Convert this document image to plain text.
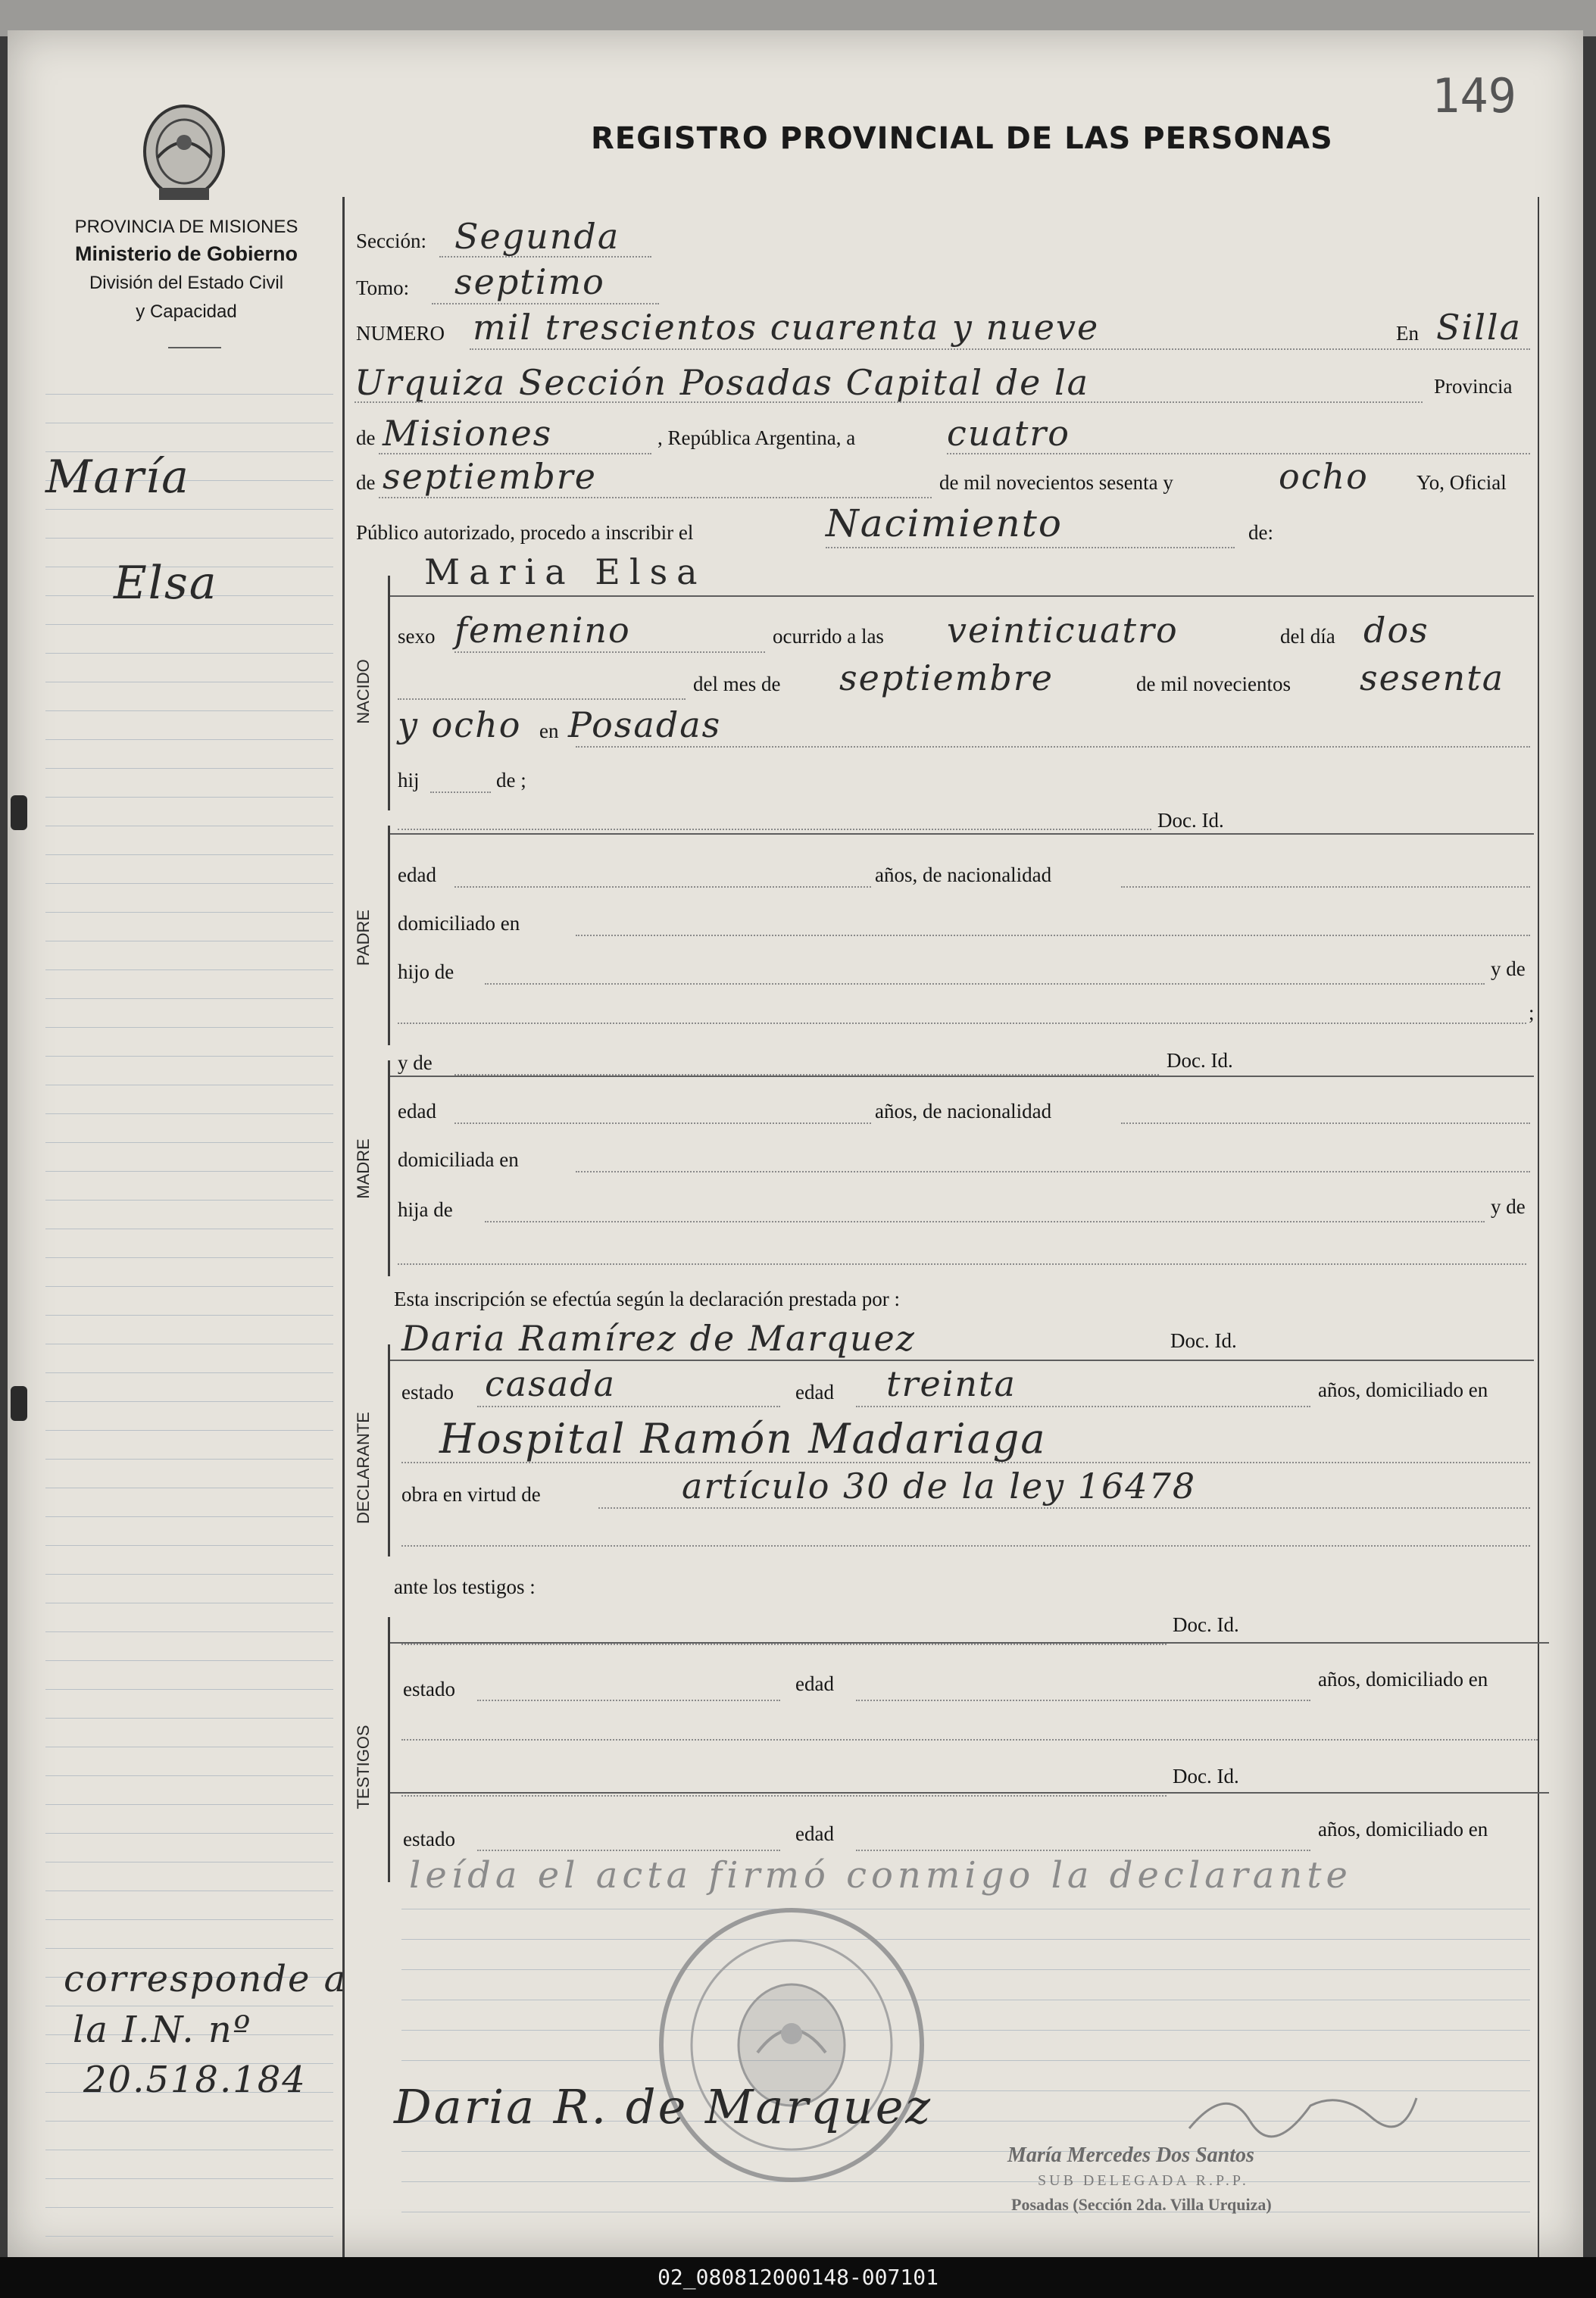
149
PROVINCIA DE MISIONES
Ministerio de Gobierno
División del Estado Civil
y Capacidad
REGISTRO PROVINCIAL DE LAS PERSONAS
María
Elsa
corresponde a
la I.N. nº
20.518.184
Sección: Segunda
Tomo: septimo
NUMERO mil trescientos cuarenta y nueve	En Silla
Urquiza Sección Posadas Capital de la	Provincia
de Misiones	, República Argentina, a	cuatro
de septiembre	de mil novecientos sesenta y	ocho Yo, Oficial
Público autorizado, procedo a inscribir el	Nacimiento	de:
Maria Elsa
NACIDO
sexo femenino	ocurrido a las veinticuatro	del día dos
del mes de septiembre	de mil novecientos sesenta
y ocho en Posadas
hij	de ;
Doc. Id.
PADRE
edad	años, de nacionalidad
domiciliado en
hijo de	y de
;
y de	Doc. Id.
MADRE
edad	años, de nacionalidad
domiciliada en
hija de	y de
Esta inscripción se efectúa según la declaración prestada por :
Daria Ramírez de Marquez	Doc. Id.
DECLARANTE
estado casada	edad treinta	años, domiciliado en
Hospital Ramón Madariaga
obra en virtud de	artículo 30 de la ley 16478
ante los testigos :
TESTIGOS
Doc. Id.
estado	edad	años, domiciliado en
Doc. Id.
estado	edad	años, domiciliado en
leída el acta firmó conmigo la declarante
Daria R. de Marquez
María Mercedes Dos Santos
SUB DELEGADA R.P.P.
Posadas (Sección 2da. Villa Urquiza)
02_080812000148-007101
